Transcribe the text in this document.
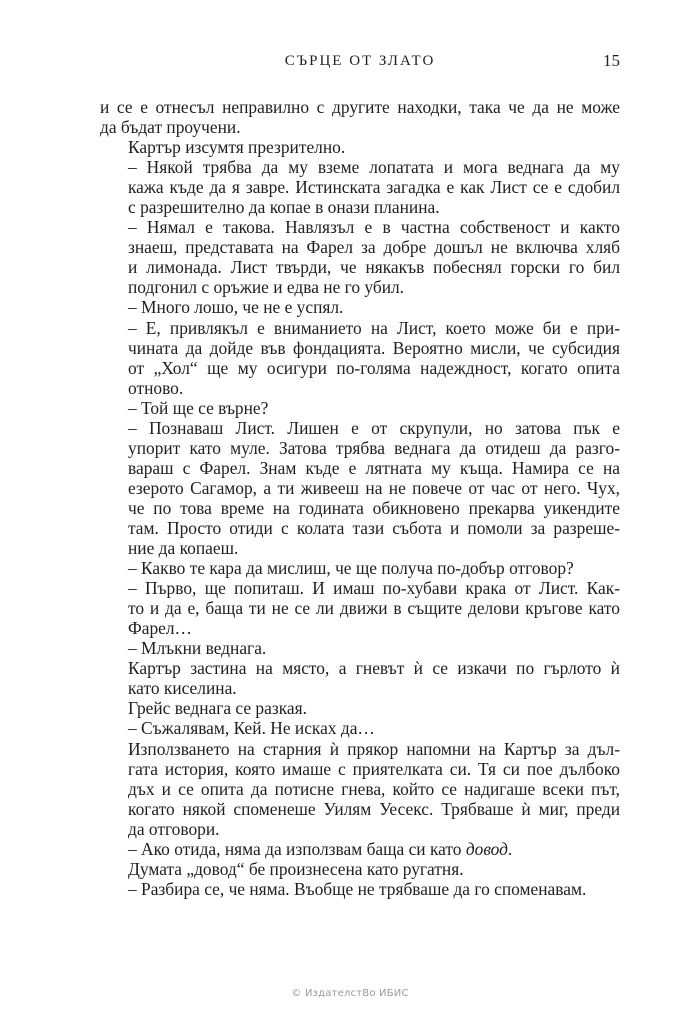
СЪРЦЕ ОТ ЗЛАТО	15

и се е отнесъл неправилно с другите находки, така че да не може
да бъдат проучени.

Картър изсумтя презрително.

– Някой трябва да му вземе лопатата и мога веднага да му
кажа къде да я завре. Истинската загадка е как Лист се е сдобил
с разрешително да копае в онази планина.

– Нямал е такова. Навлязъл е в частна собственост и както
знаеш, представата на Фарел за добре дошъл не включва хляб
и лимонада. Лист твърди, че някакъв побеснял горски го бил
подгонил с оръжие и едва не го убил.

– Много лошо, че не е успял.

– Е, привлякъл е вниманието на Лист, което може би е при-
чината да дойде във фондацията. Вероятно мисли, че субсидия
от „Хол“ ще му осигури по-голяма надеждност, когато опита
отново.

– Той ще се върне?

– Познаваш Лист. Лишен е от скрупули, но затова пък е
упорит като муле. Затова трябва веднага да отидеш да разго-
вараш с Фарел. Знам къде е лятната му къща. Намира се на
езерото Сагамор, а ти живееш на не повече от час от него. Чух,
че по това време на годината обикновено прекарва уикендите
там. Просто отиди с колата тази събота и помоли за разреше-
ние да копаеш.

– Какво те кара да мислиш, че ще получа по-добър отговор?

– Първо, ще попиташ. И имаш по-хубави крака от Лист. Как-
то и да е, баща ти не се ли движи в същите делови кръгове като
Фарел…

– Млъкни веднага.

Картър застина на място, а гневът ѝ се изкачи по гърлото ѝ
като киселина.

Грейс веднага се разкая.

– Съжалявам, Кей. Не исках да…

Използването на старния ѝ прякор напомни на Картър за дъл-
гата история, която имаше с приятелката си. Тя си пое дълбоко
дъх и се опита да потисне гнева, който се надигаше всеки път,
когато някой споменеше Уилям Уесекс. Трябваше ѝ миг, преди
да отговори.

– Ако отида, няма да използвам баща си като довод.

Думата „довод“ бе произнесена като ругатня.

– Разбира се, че няма. Въобще не трябваше да го споменавам.

© ИздателстВо ИБИС
